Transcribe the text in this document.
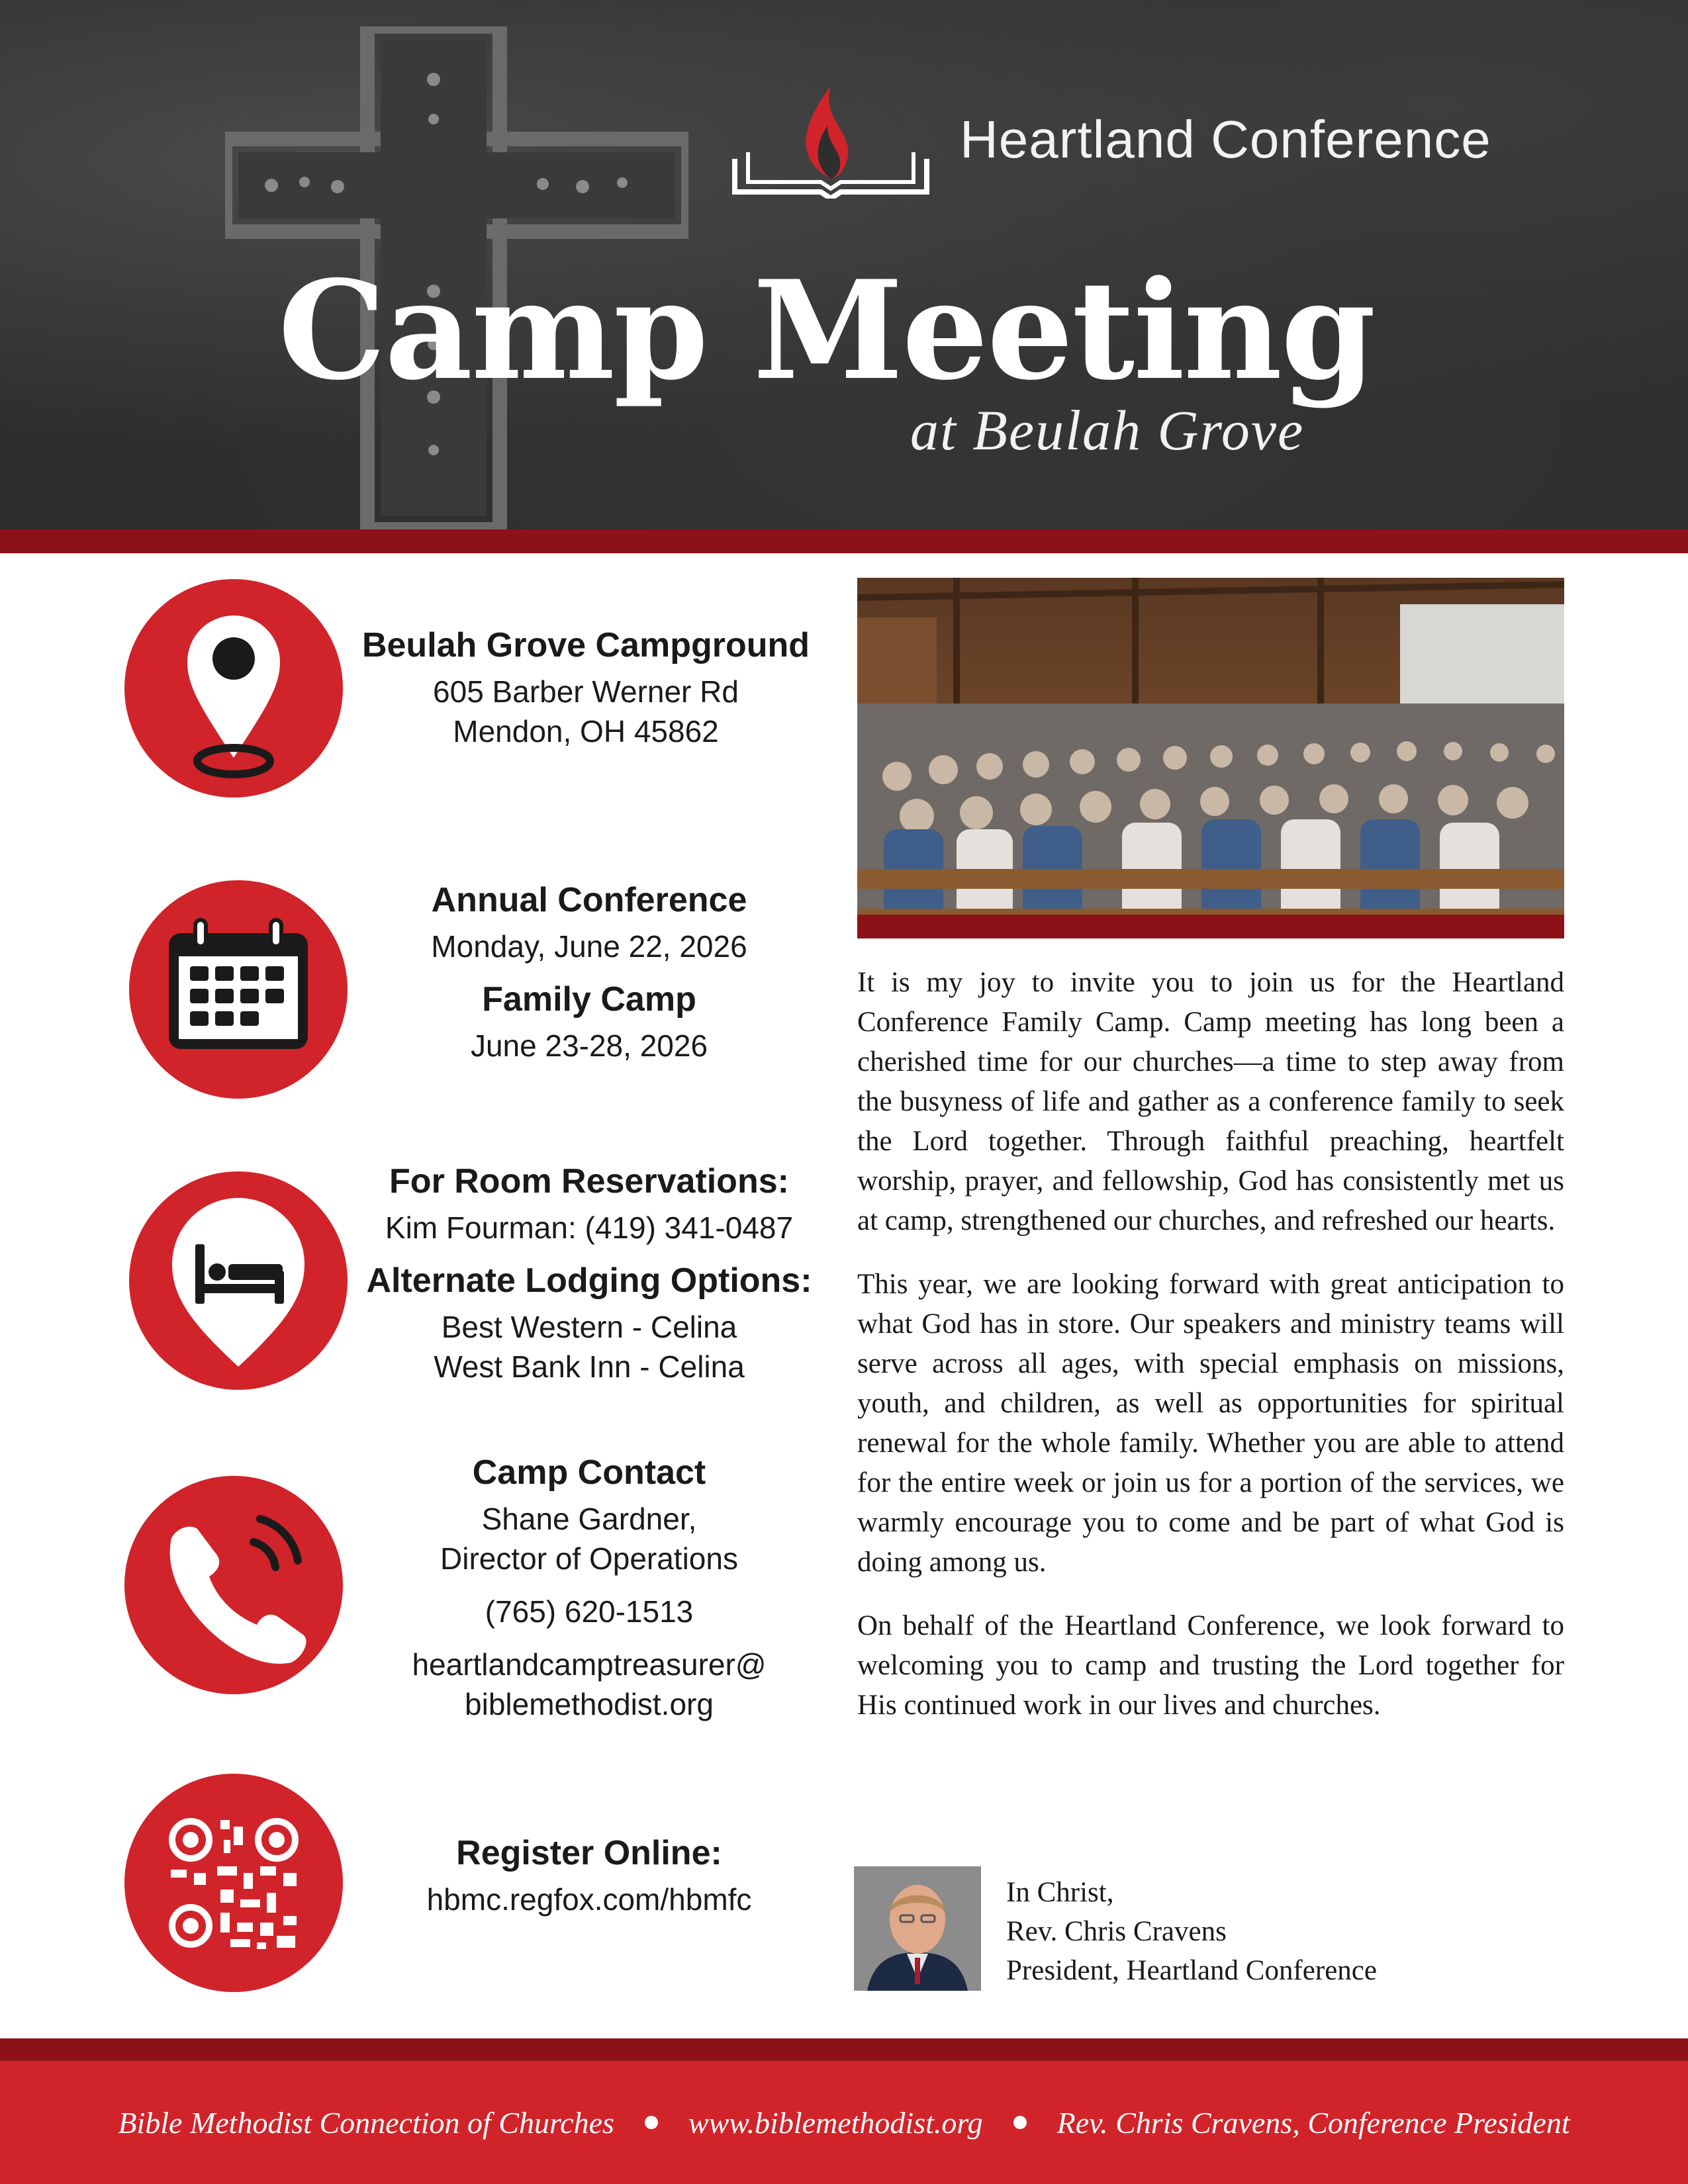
Heartland Conference
Camp Meeting
at Beulah Grove
Beulah Grove Campground
605 Barber Werner Rd
Mendon, OH 45862
Annual Conference
Monday, June 22, 2026
Family Camp
June 23-28, 2026
For Room Reservations:
Kim Fourman: (419) 341-0487
Alternate Lodging Options:
Best Western - Celina
West Bank Inn - Celina
Camp Contact
Shane Gardner,
Director of Operations
(765) 620-1513
heartlandcamptreasurer@
biblemethodist.org
Register Online:
hbmc.regfox.com/hbmfc

It is my joy to invite you to join us for the Heartland Conference Family Camp. Camp meeting has long been a cherished time for our churches—a time to step away from the busyness of life and gather as a conference family to seek the Lord together. Through faithful preaching, heartfelt worship, prayer, and fellowship, God has consistently met us at camp, strengthened our churches, and refreshed our hearts.

This year, we are looking forward with great anticipation to what God has in store. Our speakers and ministry teams will serve across all ages, with special emphasis on missions, youth, and children, as well as opportunities for spiritual renewal for the whole family. Whether you are able to attend for the entire week or join us for a portion of the services, we warmly encourage you to come and be part of what God is doing among us.

On behalf of the Heartland Conference, we look forward to welcoming you to camp and trusting the Lord together for His continued work in our lives and churches.

In Christ,
Rev. Chris Cravens
President, Heartland Conference
Bible Methodist Connection of Churches www.biblemethodist.org Rev. Chris Cravens, Conference President
